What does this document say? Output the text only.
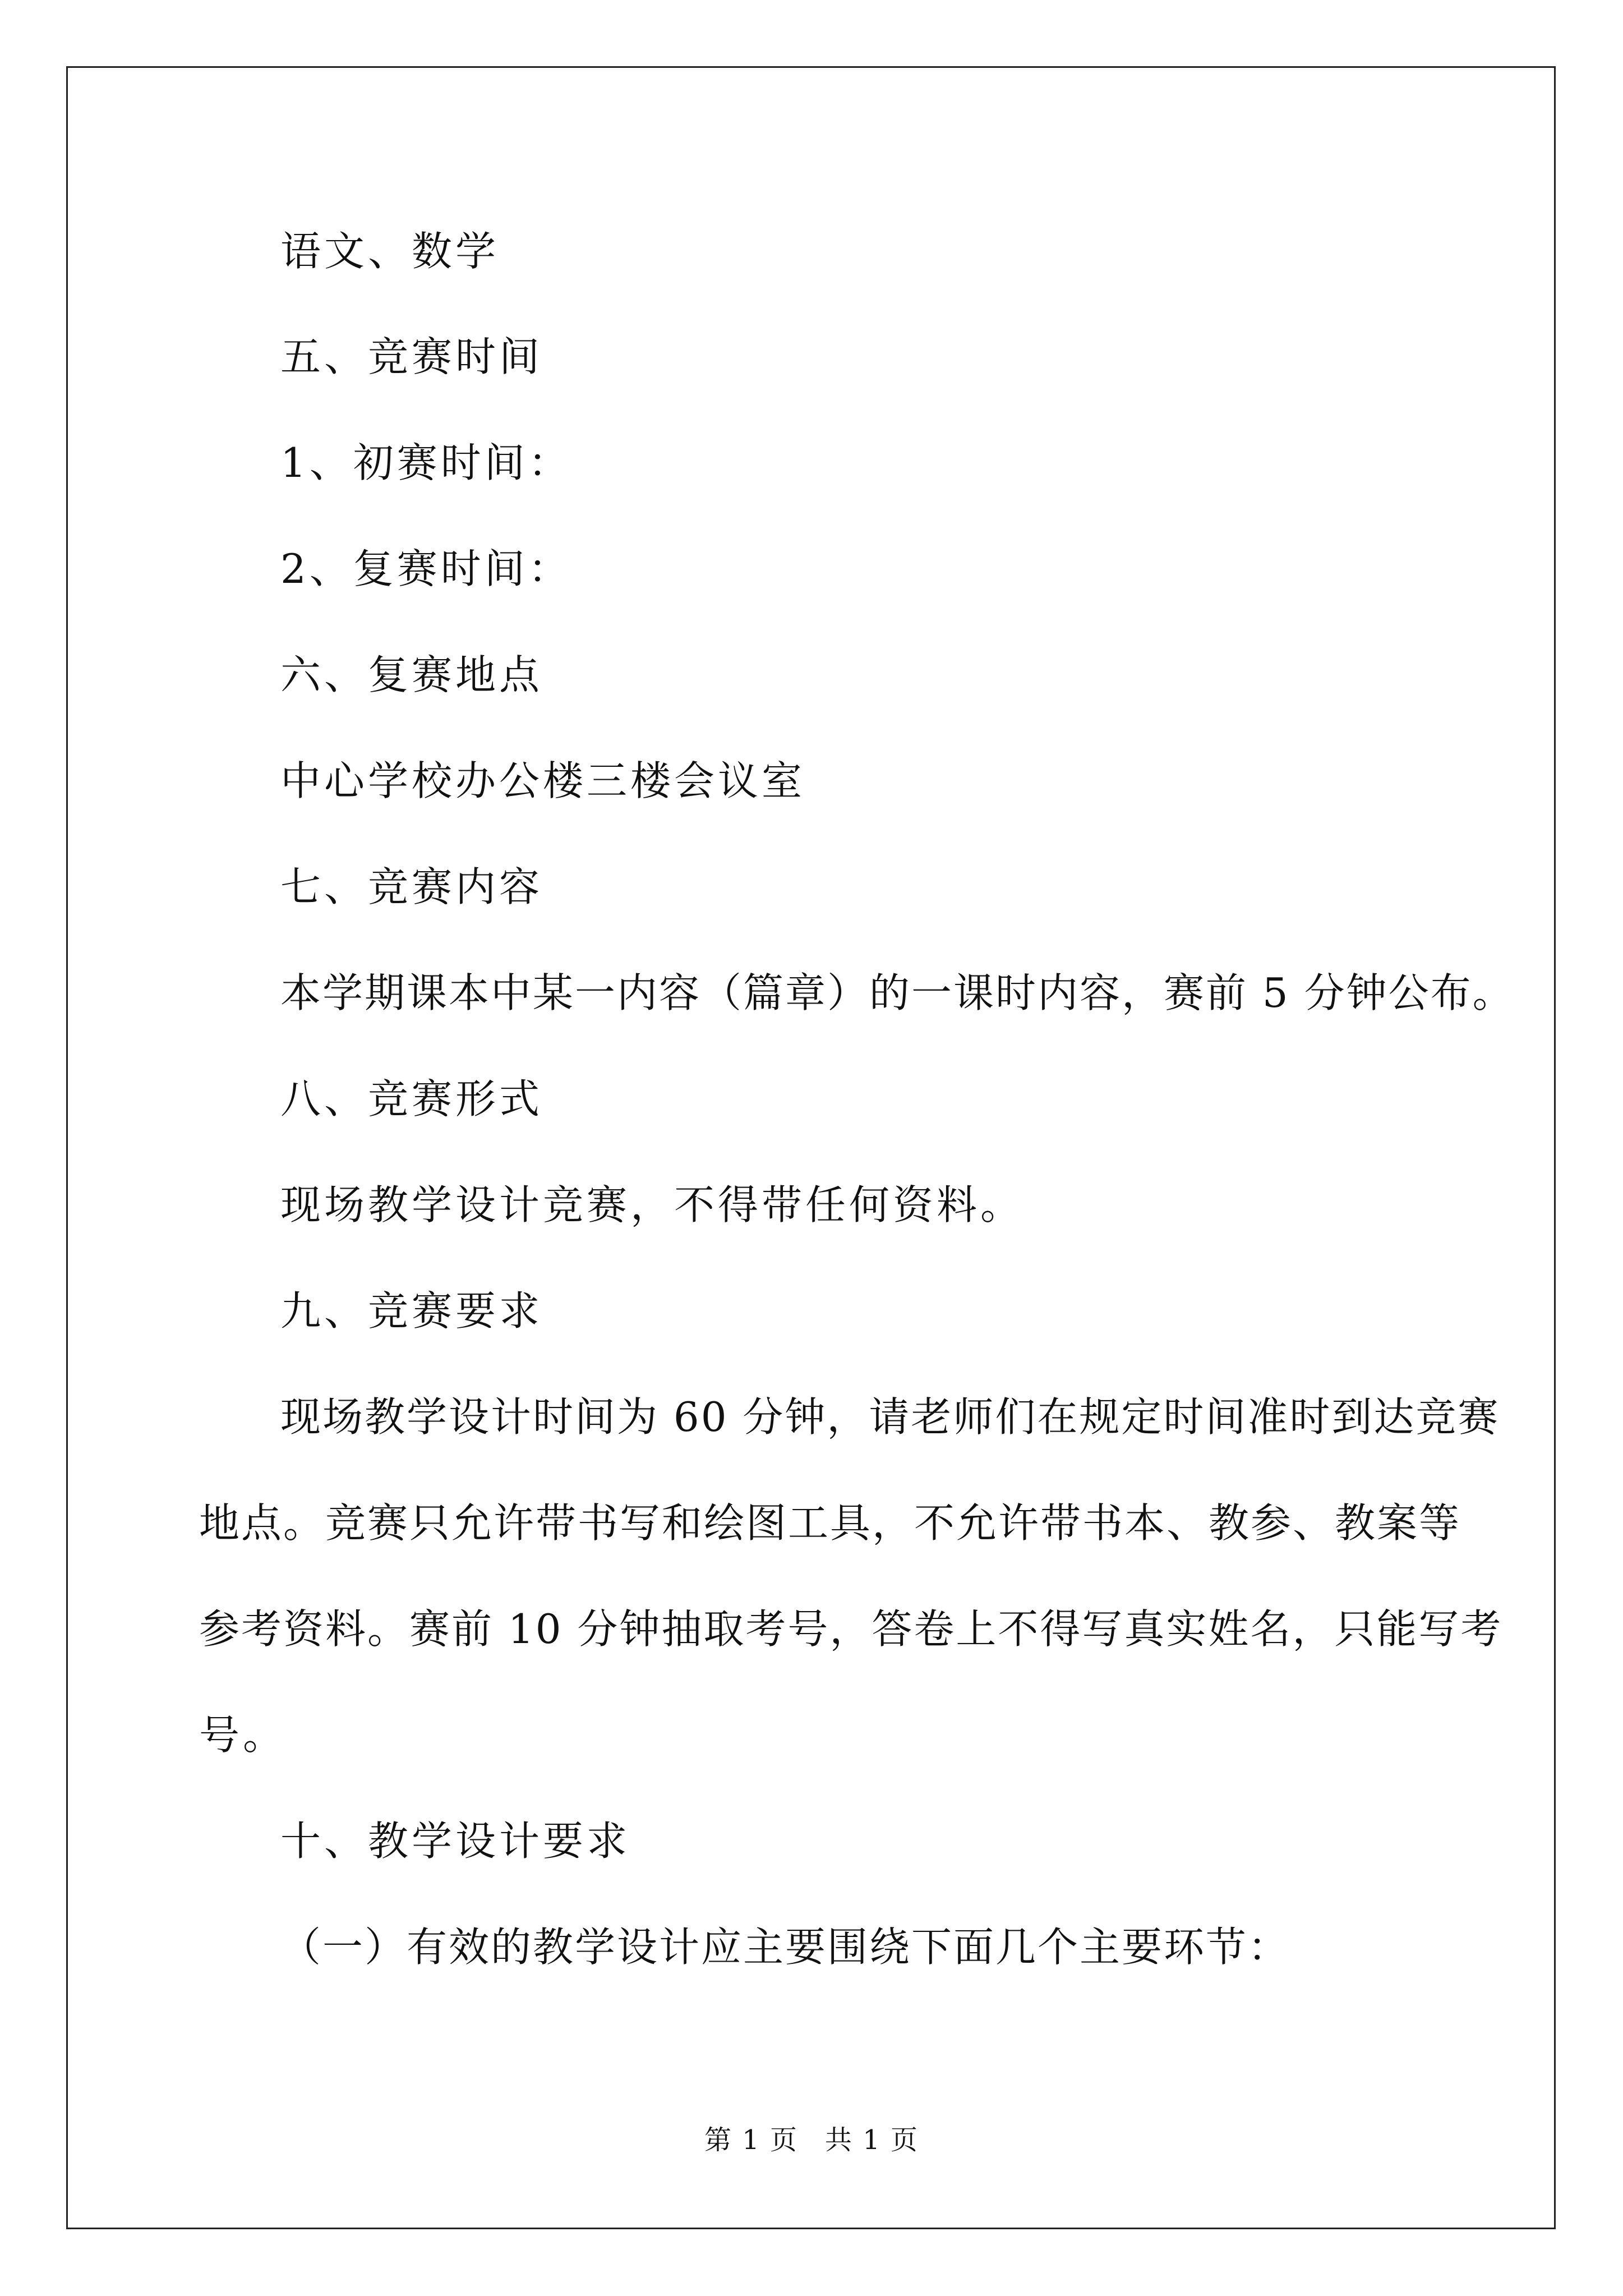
语文、数学
五、竞赛时间
1、初赛时间：
2、复赛时间：
六、复赛地点
中心学校办公楼三楼会议室
七、竞赛内容
本学期课本中某一内容（篇章）的一课时内容，赛前 5 分钟公布。
八、竞赛形式
现场教学设计竞赛，不得带任何资料。
九、竞赛要求
现场教学设计时间为 60 分钟，请老师们在规定时间准时到达竞赛
地点。竞赛只允许带书写和绘图工具，不允许带书本、教参、教案等
参考资料。赛前 10 分钟抽取考号，答卷上不得写真实姓名，只能写考
号。
十、教学设计要求
（一）有效的教学设计应主要围绕下面几个主要环节：
第 1 页 共 1 页
